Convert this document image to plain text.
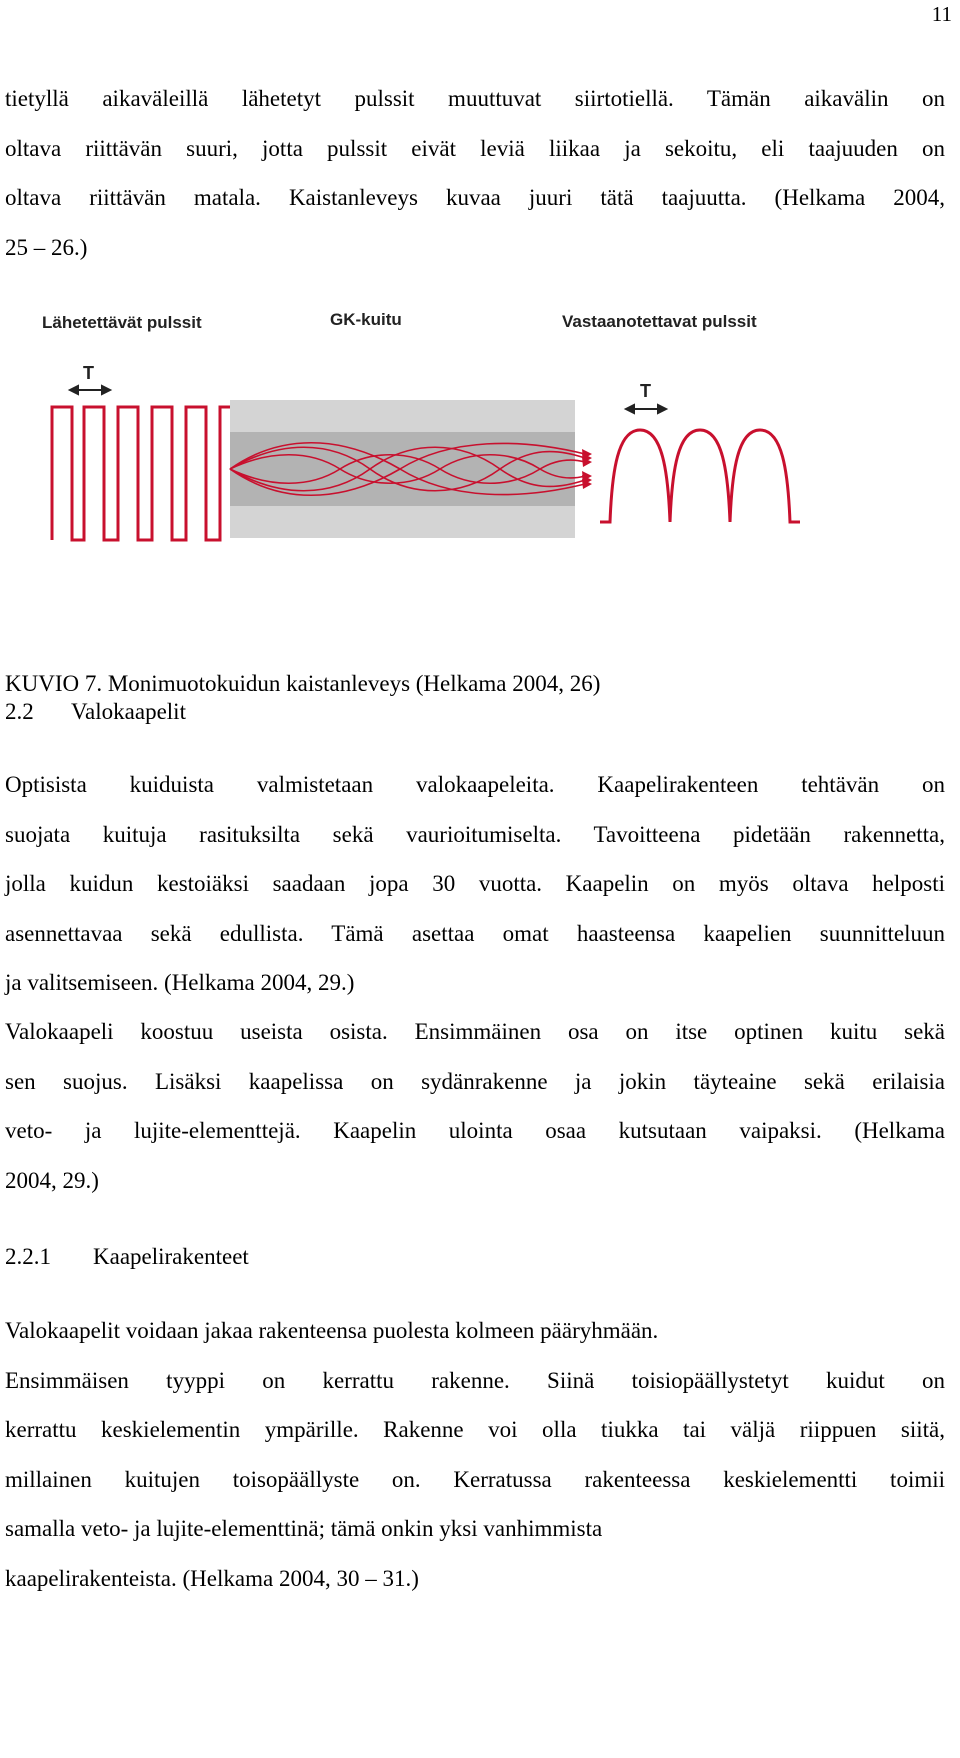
11
tietyllä aikaväleillä lähetetyt pulssit muuttuvat siirtotiellä. Tämän aikavälin on
oltava riittävän suuri, jotta pulssit eivät leviä liikaa ja sekoitu, eli taajuuden on
oltava riittävän matala. Kaistanleveys kuvaa juuri tätä taajuutta. (Helkama 2004,
25 – 26.)
Lähetettävät pulssit	GK-kuitu	Vastaanotettavat pulssit
T
T
KUVIO 7. Monimuotokuidun kaistanleveys (Helkama 2004, 26)
2.2 Valokaapelit
Optisista kuiduista valmistetaan valokaapeleita. Kaapelirakenteen tehtävän on
suojata kuituja rasituksilta sekä vaurioitumiselta. Tavoitteena pidetään rakennetta,
jolla kuidun kestoiäksi saadaan jopa 30 vuotta. Kaapelin on myös oltava helposti
asennettavaa sekä edullista. Tämä asettaa omat haasteensa kaapelien suunnitteluun
ja valitsemiseen. (Helkama 2004, 29.)
Valokaapeli koostuu useista osista. Ensimmäinen osa on itse optinen kuitu sekä
sen suojus. Lisäksi kaapelissa on sydänrakenne ja jokin täyteaine sekä erilaisia
veto- ja lujite-elementtejä. Kaapelin ulointa osaa kutsutaan vaipaksi. (Helkama
2004, 29.)
2.2.1 Kaapelirakenteet
Valokaapelit voidaan jakaa rakenteensa puolesta kolmeen pääryhmään.
Ensimmäisen tyyppi on kerrattu rakenne. Siinä toisiopäällystetyt kuidut on
kerrattu keskielementin ympärille. Rakenne voi olla tiukka tai väljä riippuen siitä,
millainen kuitujen toisopäällyste on. Kerratussa rakenteessa keskielementti toimii
samalla veto- ja lujite-elementtinä; tämä onkin yksi vanhimmista
kaapelirakenteista. (Helkama 2004, 30 – 31.)
